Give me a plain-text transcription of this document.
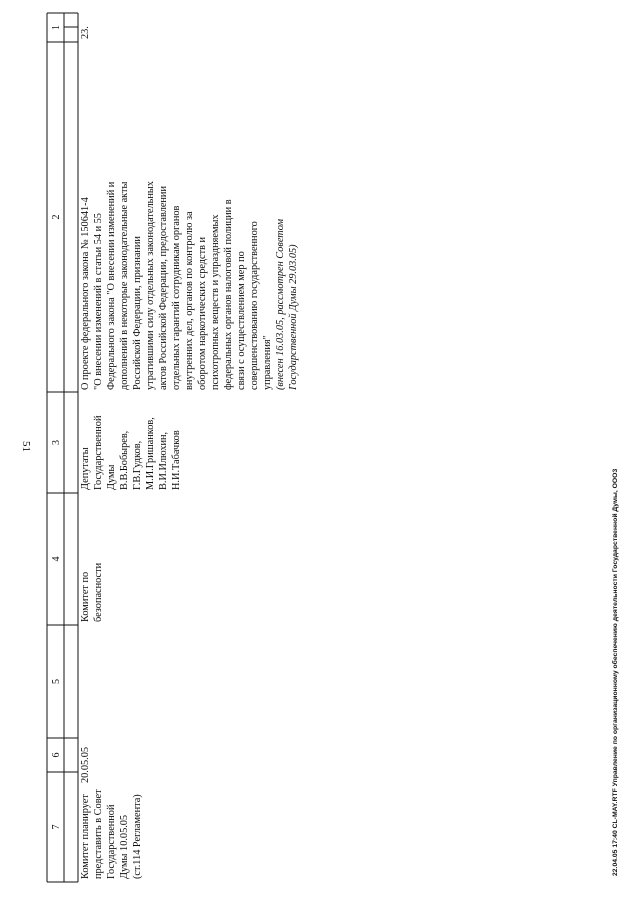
51
1
2
3
4
5
6
7
23.
О проекте федерального закона № 150641-4 "О внесении изменений в статьи 54 и 55 Федерального закона "О внесении изменений и дополнений в некоторые законодательные акты Российской Федерации, признании утратившими силу отдельных законодательных актов Российской Федерации, предоставлении отдельных гарантий сотрудникам органов внутренних дел, органов по контролю за оборотом наркотических средств и психотропных веществ и упраздняемых федеральных органов налоговой полиции в связи с осуществлением мер по совершенствованию государственного управления" (внесен 16.03.05, рассмотрен Советом Государственной Думы 29.03.05)
Депутаты Государственной Думы В.В.Бобырев, Г.В.Гудков, М.И.Гришанков, В.И.Илюхин, Н.И.Табачков
Комитет по безопасности
20.05.05
Комитет планирует представить в Совет Государственной Думы 10.05.05 (ст.114 Регламента)	22.04.05 17:40 CL-MAY.RTF Управление по организационному обеспечению деятельности Государственной Думы, ООО3
